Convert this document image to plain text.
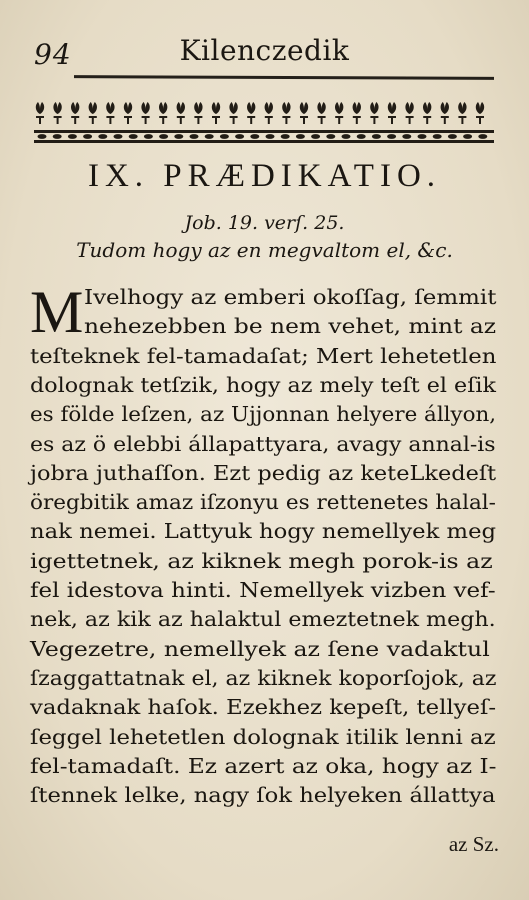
94	Kilenczedik
IX. PRÆDIKATIO.
Job. 19. verſ. 25.
Tudom hogy az en megvaltom el, &c.
M Ivelhogy az emberi okoſſag, ſemmit
nehezebben be nem vehet, mint az
teſteknek fel-tamadaſat; Mert lehetetlen
dolognak tetſzik, hogy az mely teſt el eſik
es földe leſzen, az Ujjonnan helyere állyon,
es az ö elebbi állapattyara, avagy annal-is
jobra juthaſſon. Ezt pedig az keteLkedeſt
öregbitik amaz iſzonyu es rettenetes halal-
nak nemei. Lattyuk hogy nemellyek meg
igettetnek, az kiknek megh porok-is az
fel idestova hinti. Nemellyek vizben vef-
nek, az kik az halaktul emeztetnek megh.
Vegezetre, nemellyek az ſene vadaktul
ſzaggattatnak el, az kiknek koporſojok, az
vadaknak haſok. Ezekhez kepeſt, tellyeſ-
ſeggel lehetetlen dolognak itilik lenni az
fel-tamadaſt. Ez azert az oka, hogy az I-
ſtennek lelke, nagy ſok helyeken állattya
az Sz.
